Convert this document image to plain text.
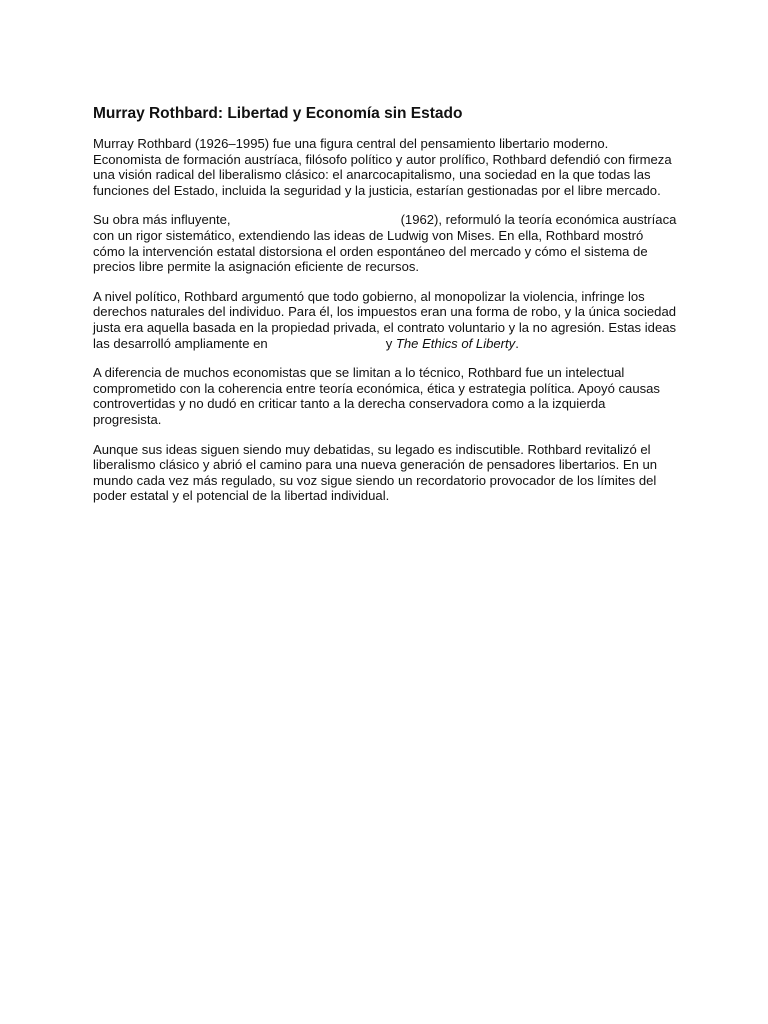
Murray Rothbard: Libertad y Economía sin Estado

Murray Rothbard (1926–1995) fue una figura central del pensamiento libertario moderno. Economista de formación austríaca, filósofo político y autor prolífico, Rothbard defendió con firmeza una visión radical del liberalismo clásico: el anarcocapitalismo, una sociedad en la que todas las funciones del Estado, incluida la seguridad y la justicia, estarían gestionadas por el libre mercado.

Su obra más influyente,	(1962), reformuló la teoría económica austríaca con un rigor sistemático, extendiendo las ideas de Ludwig von Mises. En ella, Rothbard mostró cómo la intervención estatal distorsiona el orden espontáneo del mercado y cómo el sistema de precios libre permite la asignación eficiente de recursos.

A nivel político, Rothbard argumentó que todo gobierno, al monopolizar la violencia, infringe los derechos naturales del individuo. Para él, los impuestos eran una forma de robo, y la única sociedad justa era aquella basada en la propiedad privada, el contrato voluntario y la no agresión. Estas ideas las desarrolló ampliamente en	y The Ethics of Liberty.

A diferencia de muchos economistas que se limitan a lo técnico, Rothbard fue un intelectual comprometido con la coherencia entre teoría económica, ética y estrategia política. Apoyó causas controvertidas y no dudó en criticar tanto a la derecha conservadora como a la izquierda progresista.

Aunque sus ideas siguen siendo muy debatidas, su legado es indiscutible. Rothbard revitalizó el liberalismo clásico y abrió el camino para una nueva generación de pensadores libertarios. En un mundo cada vez más regulado, su voz sigue siendo un recordatorio provocador de los límites del poder estatal y el potencial de la libertad individual.
